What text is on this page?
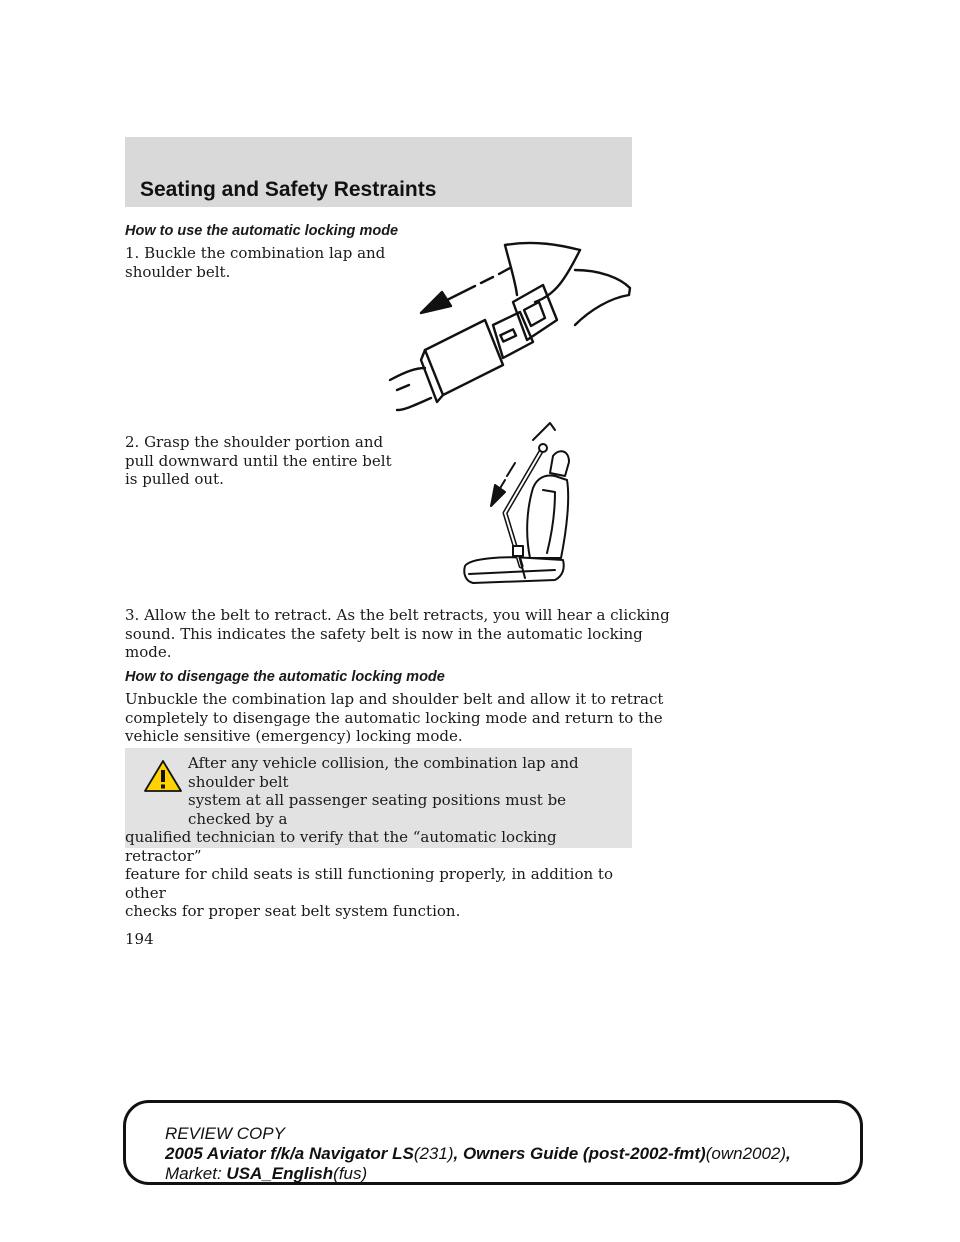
Seating and Safety Restraints
How to use the automatic locking mode

1. Buckle the combination lap and
shoulder belt.

2. Grasp the shoulder portion and
pull downward until the entire belt
is pulled out.

3. Allow the belt to retract. As the belt retracts, you will hear a clicking
sound. This indicates the safety belt is now in the automatic locking
mode.

How to disengage the automatic locking mode

Unbuckle the combination lap and shoulder belt and allow it to retract
completely to disengage the automatic locking mode and return to the
vehicle sensitive (emergency) locking mode.

After any vehicle collision, the combination lap and shoulder belt
system at all passenger seating positions must be checked by a
qualified technician to verify that the “automatic locking retractor”
feature for child seats is still functioning properly, in addition to other
checks for proper seat belt system function.

194
REVIEW COPY
2005 Aviator f/k/a Navigator LS(231), Owners Guide (post-2002-fmt)(own2002),
Market: USA_English(fus)
